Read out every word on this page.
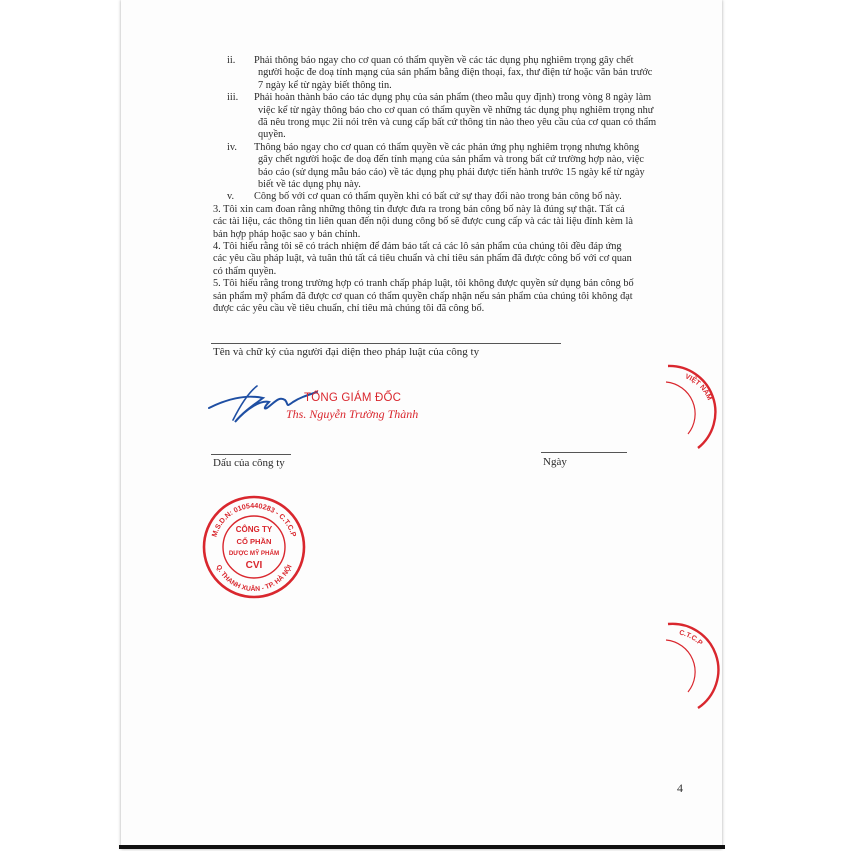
ii. Phải thông báo ngay cho cơ quan có thẩm quyền về các tác dụng phụ nghiêm trọng gây chết
người hoặc đe doạ tính mạng của sản phẩm bằng điện thoại, fax, thư điện tử hoặc văn bản trước
7 ngày kể từ ngày biết thông tin.
iii. Phải hoàn thành báo cáo tác dụng phụ của sản phẩm (theo mẫu quy định) trong vòng 8 ngày làm
việc kể từ ngày thông báo cho cơ quan có thẩm quyền về những tác dụng phụ nghiêm trọng như
đã nêu trong mục 2ii nói trên và cung cấp bất cứ thông tin nào theo yêu cầu của cơ quan có thẩm
quyền.
iv. Thông báo ngay cho cơ quan có thẩm quyền về các phản ứng phụ nghiêm trọng nhưng không
gây chết người hoặc đe doạ đến tính mạng của sản phẩm và trong bất cứ trường hợp nào, việc
báo cáo (sử dụng mẫu báo cáo) về tác dụng phụ phải được tiến hành trước 15 ngày kể từ ngày
biết về tác dụng phụ này.
v. Công bố với cơ quan có thẩm quyền khi có bất cứ sự thay đổi nào trong bản công bố này.
3. Tôi xin cam đoan rằng những thông tin được đưa ra trong bản công bố này là đúng sự thật. Tất cả
các tài liệu, các thông tin liên quan đến nội dung công bố sẽ được cung cấp và các tài liệu đính kèm là
bản hợp pháp hoặc sao y bản chính.
4. Tôi hiểu rằng tôi sẽ có trách nhiệm để đảm bảo tất cả các lô sản phẩm của chúng tôi đều đáp ứng
các yêu cầu pháp luật, và tuân thủ tất cả tiêu chuẩn và chỉ tiêu sản phẩm đã được công bố với cơ quan
có thẩm quyền.
5. Tôi hiểu rằng trong trường hợp có tranh chấp pháp luật, tôi không được quyền sử dụng bản công bố
sản phẩm mỹ phẩm đã được cơ quan có thẩm quyền chấp nhận nếu sản phẩm của chúng tôi không đạt
được các yêu cầu về tiêu chuẩn, chỉ tiêu mà chúng tôi đã công bố.
Tên và chữ ký của người đại diện theo pháp luật của công ty
TỔNG GIÁM ĐỐC
Ths. Nguyễn Trường Thành
Dấu của công ty	Ngày
M.S.D.N: 0105440283 - C.T.C.P
Q. THANH XUÂN - TP. HÀ NỘI
CÔNG TY
CỔ PHẦN
DƯỢC MỸ PHẨM
CVI
VIỆT NAM
C.T.C.P
4
